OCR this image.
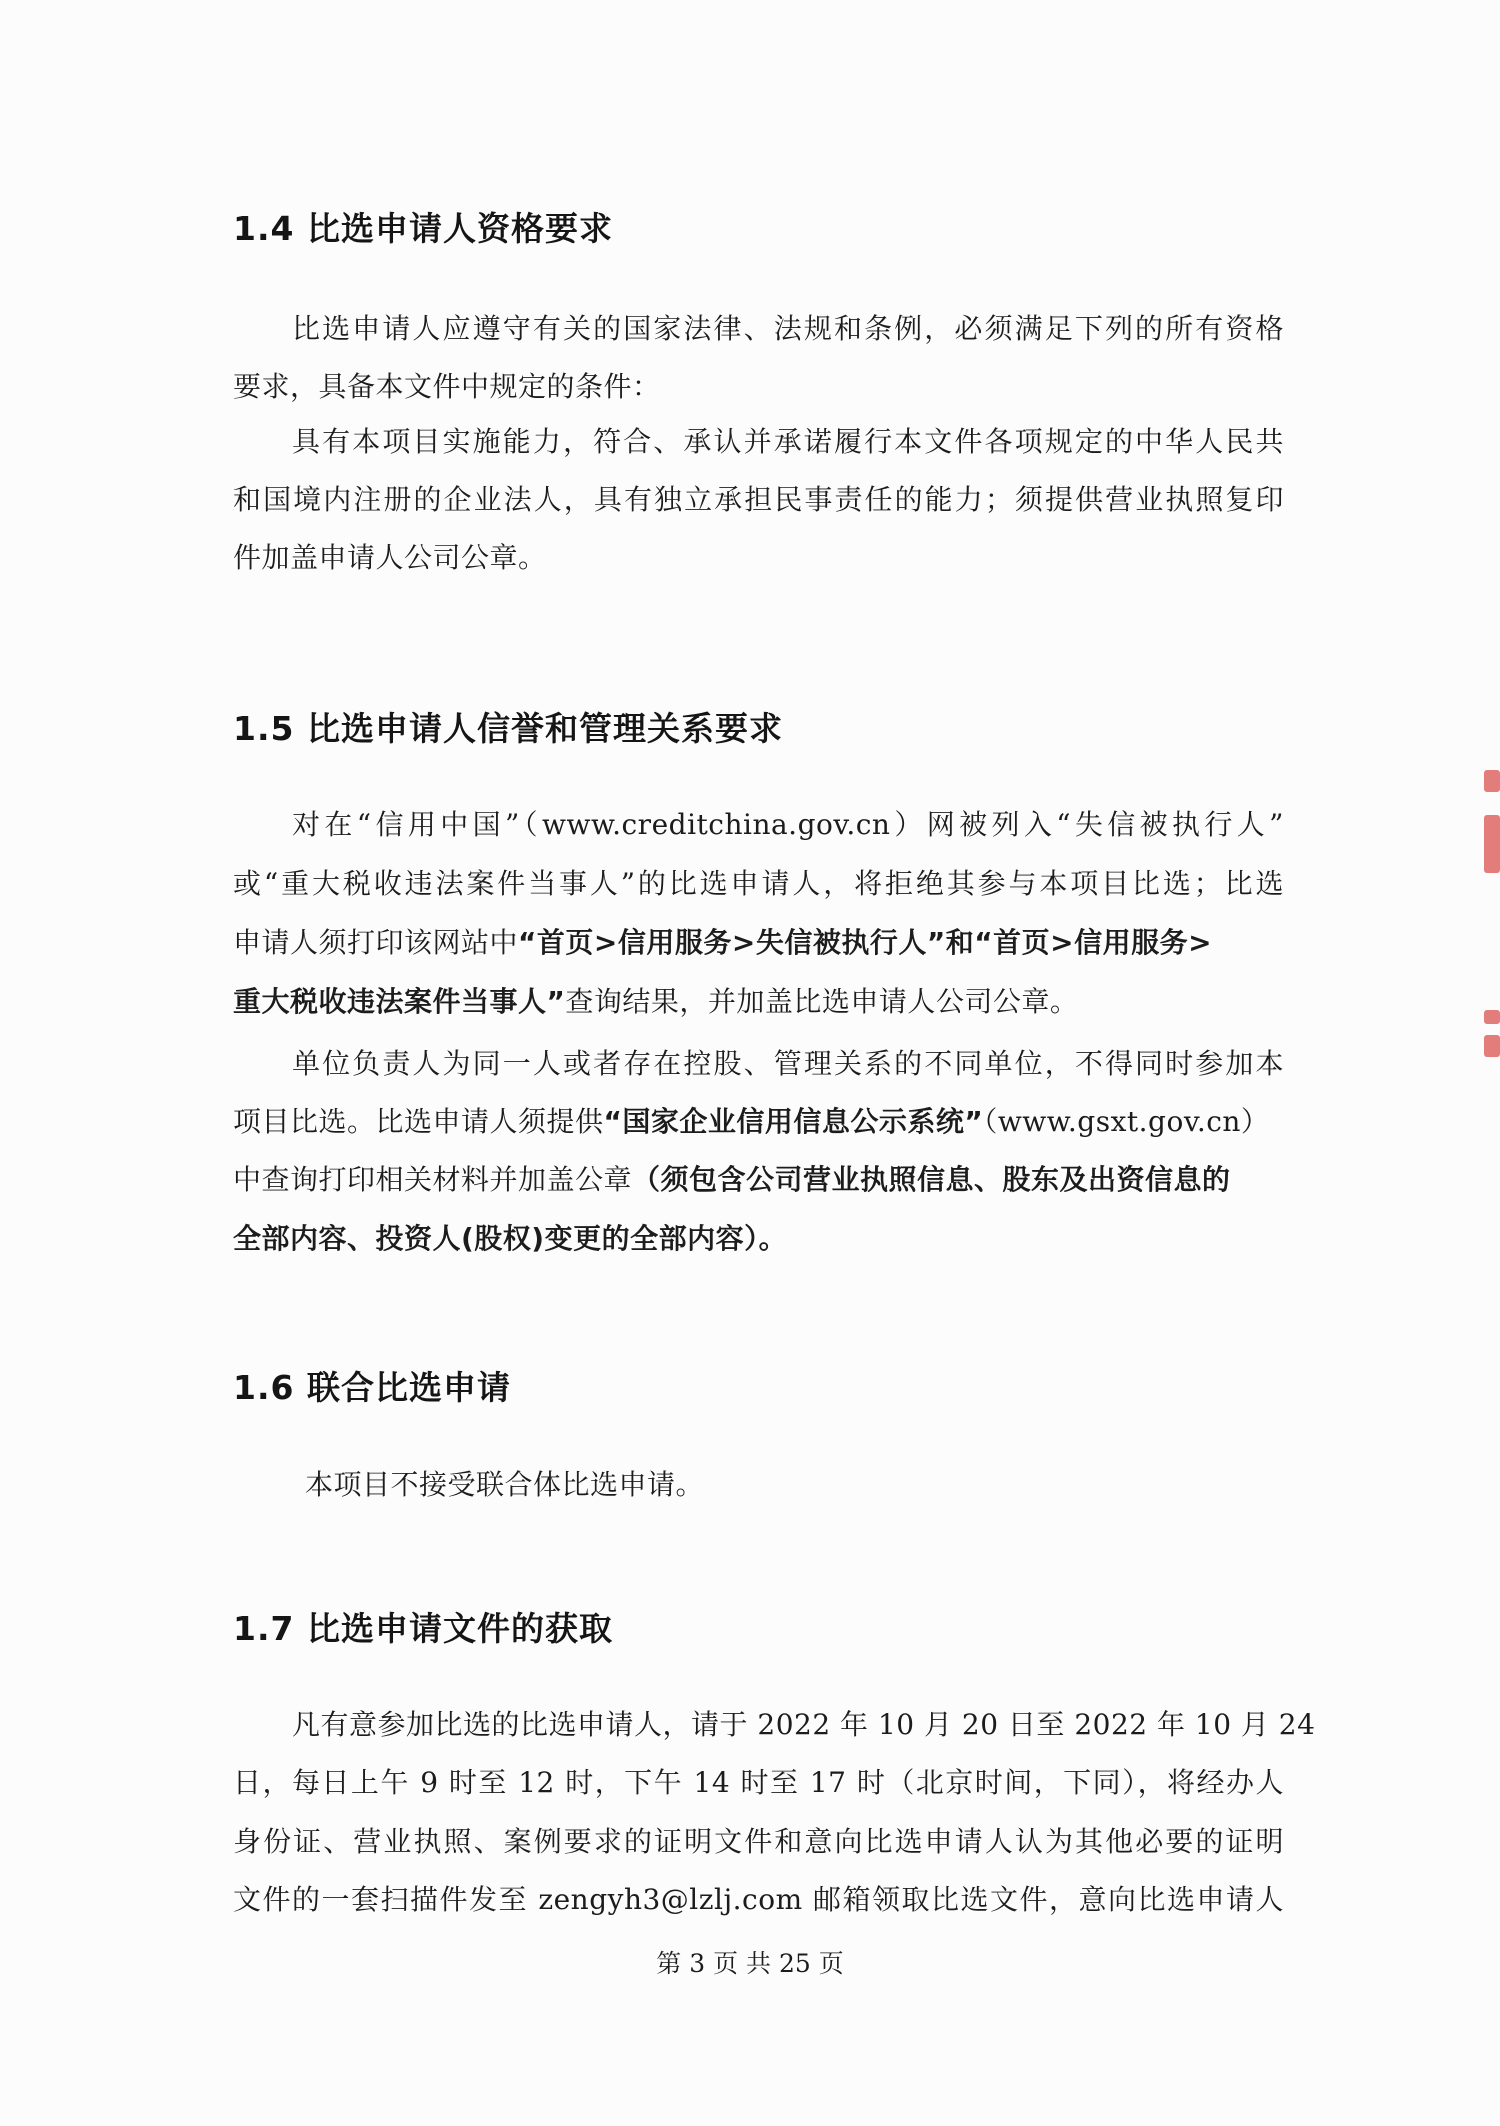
1.4 比选申请人资格要求
比选申请人应遵守有关的国家法律、法规和条例，必须满足下列的所有资格
要求，具备本文件中规定的条件：
具有本项目实施能力，符合、承认并承诺履行本文件各项规定的中华人民共
和国境内注册的企业法人，具有独立承担民事责任的能力；须提供营业执照复印
件加盖申请人公司公章。
1.5 比选申请人信誉和管理关系要求
对在“信用中国”（www.creditchina.gov.cn）网被列入“失信被执行人”
或“重大税收违法案件当事人”的比选申请人，将拒绝其参与本项目比选；比选
申请人须打印该网站中“首页>信用服务>失信被执行人”和“首页>信用服务>
重大税收违法案件当事人”查询结果，并加盖比选申请人公司公章。
单位负责人为同一人或者存在控股、管理关系的不同单位，不得同时参加本
项目比选。比选申请人须提供“国家企业信用信息公示系统”（www.gsxt.gov.cn）
中查询打印相关材料并加盖公章（须包含公司营业执照信息、股东及出资信息的
全部内容、投资人(股权)变更的全部内容）。
1.6 联合比选申请
本项目不接受联合体比选申请。
1.7 比选申请文件的获取
凡有意参加比选的比选申请人，请于 2022 年 10 月 20 日至 2022 年 10 月 24
日，每日上午 9 时至 12 时，下午 14 时至 17 时（北京时间，下同），将经办人
身份证、营业执照、案例要求的证明文件和意向比选申请人认为其他必要的证明
文件的一套扫描件发至 zengyh3@lzlj.com 邮箱领取比选文件，意向比选申请人
第 3 页 共 25 页
